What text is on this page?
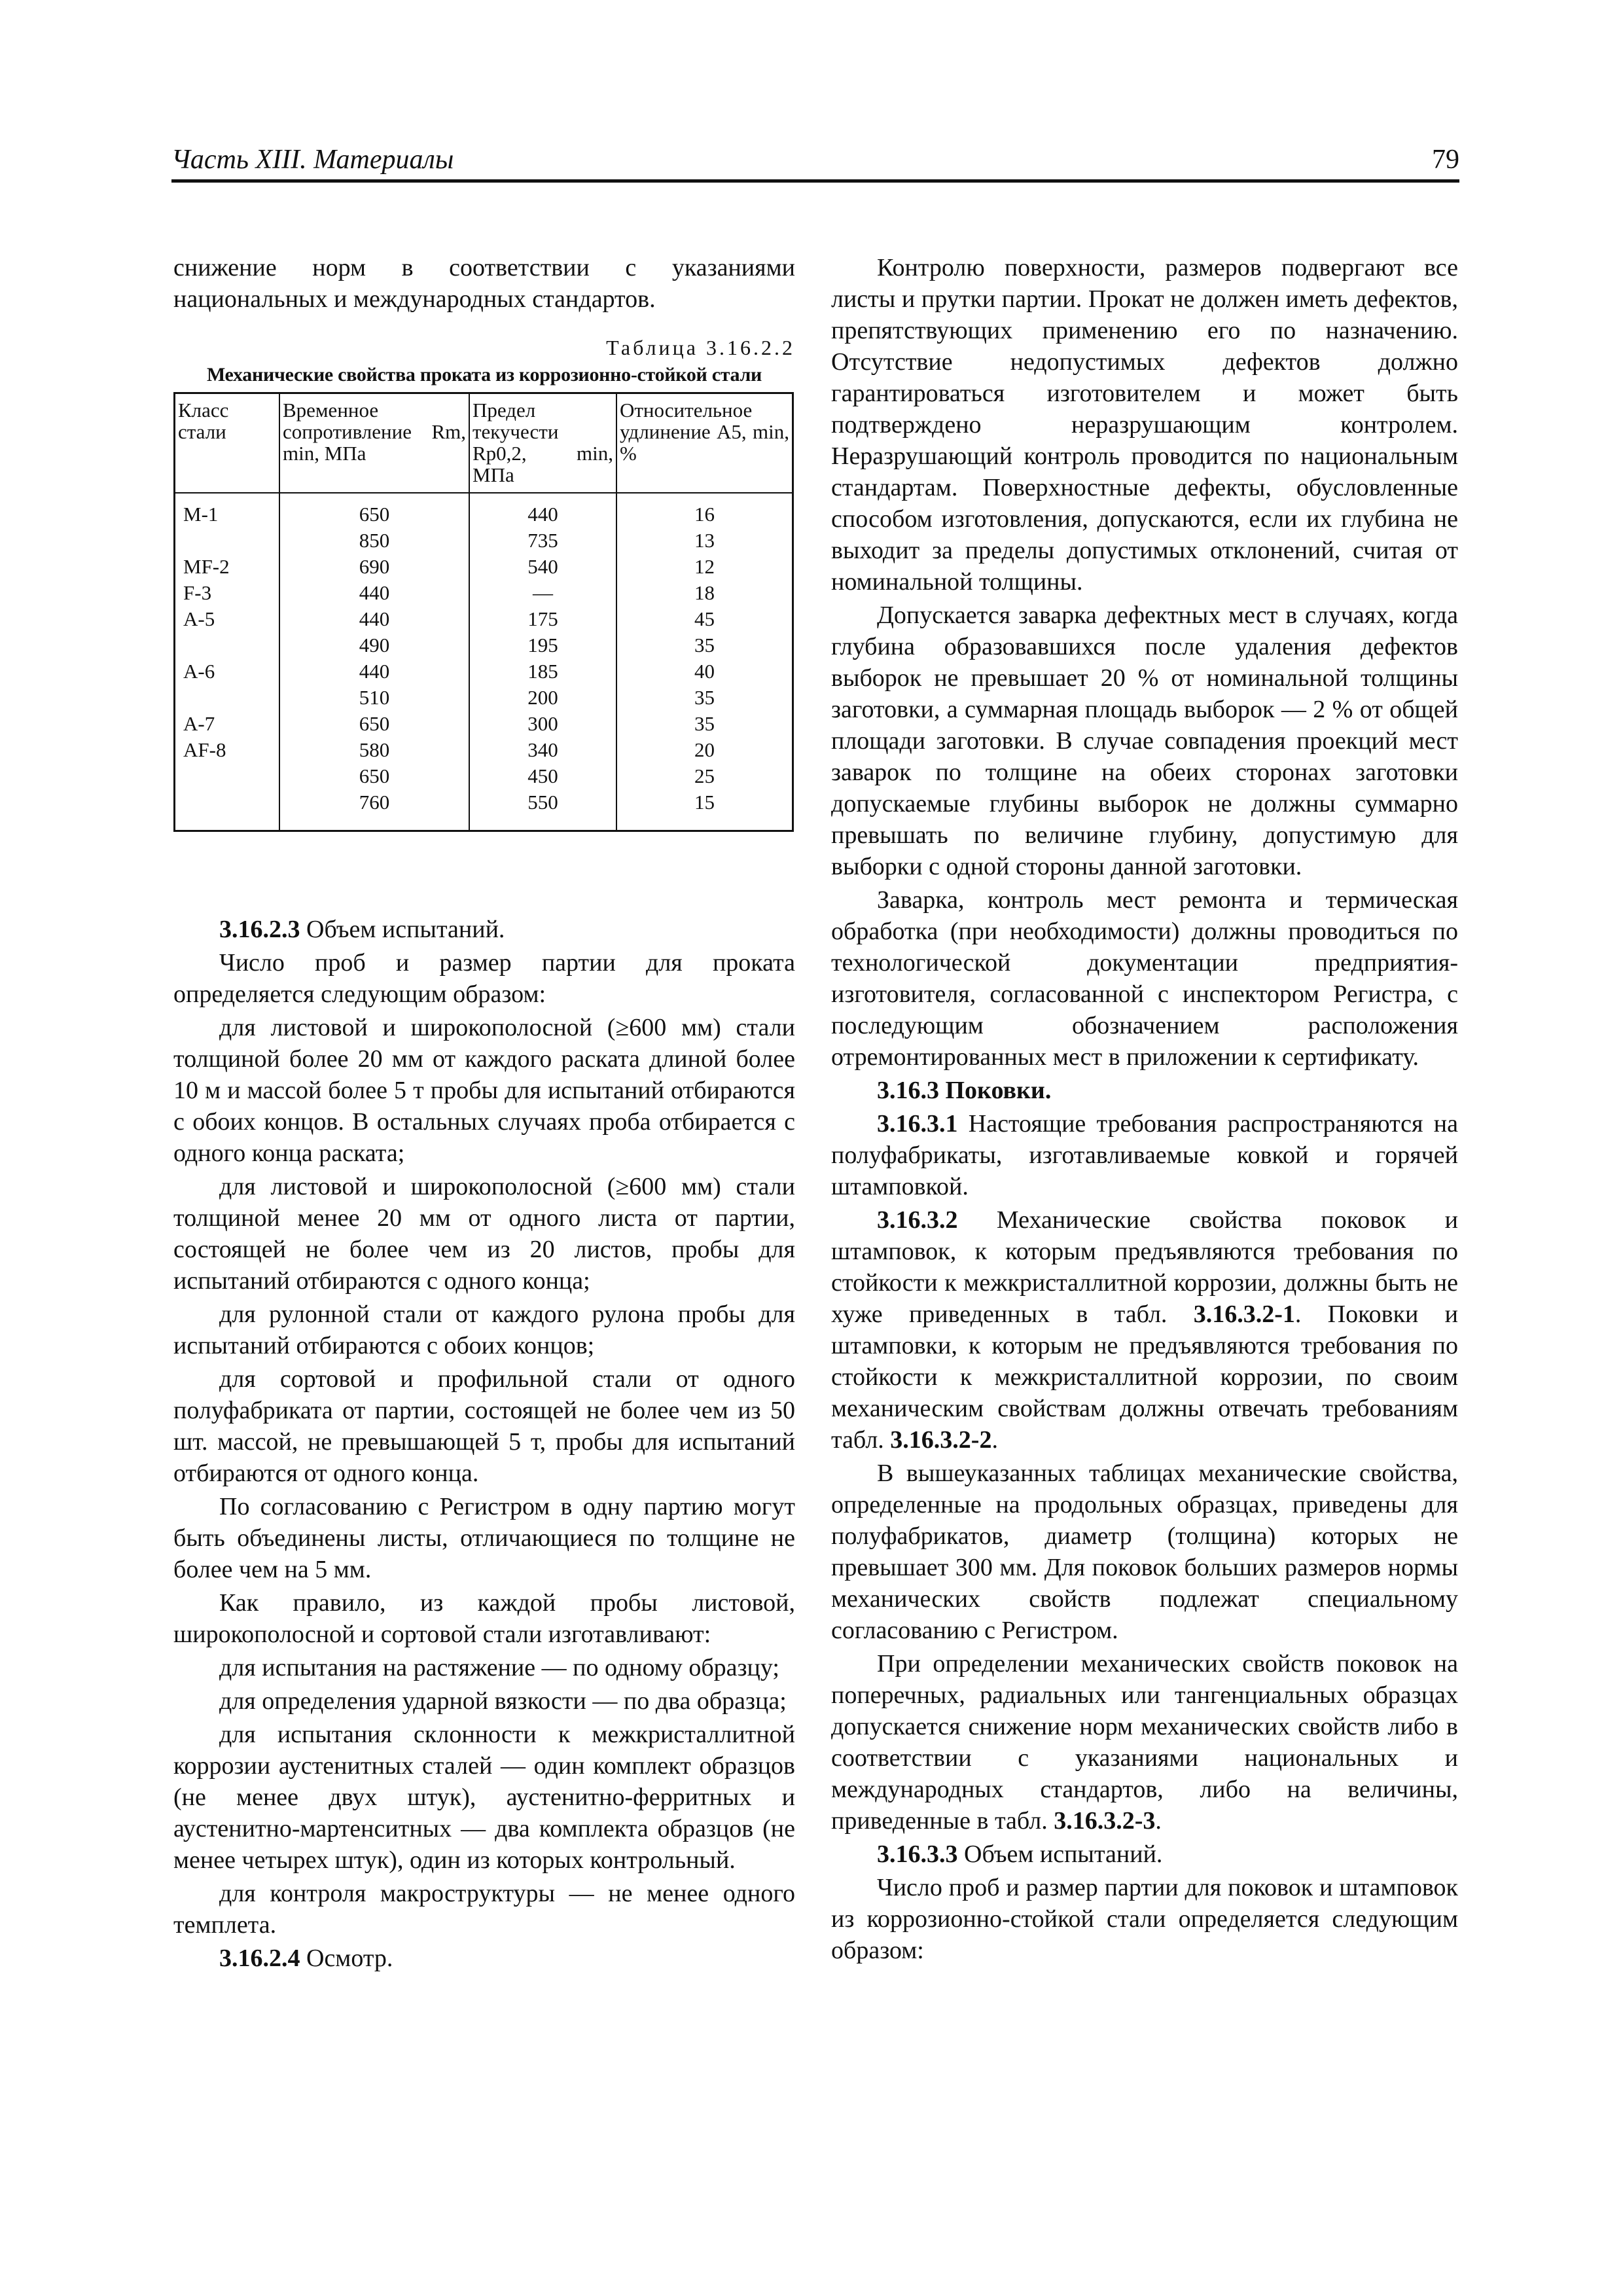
Часть XIII. Материалы	79

снижение норм в соответствии с указаниями национальных и международных стандартов.

Таблица 3.16.2.2
Механические свойства проката из коррозионно-стойкой стали
Класс стали	Временное сопротивление Rm, min, МПа	Предел текучести Rp0,2, min, МПа	Относительное удлинение A5, min, %
M-1	650	440	16
	850	735	13
MF-2	690	540	12
F-3	440	—	18
A-5	440	175	45
	490	195	35
A-6	440	185	40
	510	200	35
A-7	650	300	35
AF-8	580	340	20
	650	450	25
	760	550	15

3.16.2.3 Объем испытаний.

Число проб и размер партии для проката определяется следующим образом:

для листовой и широкополосной (≥600 мм) стали толщиной более 20 мм от каждого раската длиной более 10 м и массой более 5 т пробы для испытаний отбираются с обоих концов. В остальных случаях проба отбирается с одного конца раската;

для листовой и широкополосной (≥600 мм) стали толщиной менее 20 мм от одного листа от партии, состоящей не более чем из 20 листов, пробы для испытаний отбираются с одного конца;

для рулонной стали от каждого рулона пробы для испытаний отбираются с обоих концов;

для сортовой и профильной стали от одного полуфабриката от партии, состоящей не более чем из 50 шт. массой, не превышающей 5 т, пробы для испытаний отбираются от одного конца.

По согласованию с Регистром в одну партию могут быть объединены листы, отличающиеся по толщине не более чем на 5 мм.

Как правило, из каждой пробы листовой, широкополосной и сортовой стали изготавливают:

для испытания на растяжение — по одному образцу;

для определения ударной вязкости — по два образца;

для испытания склонности к межкристаллитной коррозии аустенитных сталей — один комплект образцов (не менее двух штук), аустенитно-ферритных и аустенитно-мартенситных — два комплекта образцов (не менее четырех штук), один из которых контрольный.

для контроля макроструктуры — не менее одного темплета.

3.16.2.4 Осмотр.

Контролю поверхности, размеров подвергают все листы и прутки партии. Прокат не должен иметь дефектов, препятствующих применению его по назначению. Отсутствие недопустимых дефектов должно гарантироваться изготовителем и может быть подтверждено неразрушающим контролем. Неразрушающий контроль проводится по национальным стандартам. Поверхностные дефекты, обусловленные способом изготовления, допускаются, если их глубина не выходит за пределы допустимых отклонений, считая от номинальной толщины.

Допускается заварка дефектных мест в случаях, когда глубина образовавшихся после удаления дефектов выборок не превышает 20 % от номинальной толщины заготовки, а суммарная площадь выборок — 2 % от общей площади заготовки. В случае совпадения проекций мест заварок по толщине на обеих сторонах заготовки допускаемые глубины выборок не должны суммарно превышать по величине глубину, допустимую для выборки с одной стороны данной заготовки.

Заварка, контроль мест ремонта и термическая обработка (при необходимости) должны проводиться по технологической документации предприятия-изготовителя, согласованной с инспектором Регистра, с последующим обозначением расположения отремонтированных мест в приложении к сертификату.

3.16.3 Поковки.

3.16.3.1 Настоящие требования распространяются на полуфабрикаты, изготавливаемые ковкой и горячей штамповкой.

3.16.3.2 Механические свойства поковок и штамповок, к которым предъявляются требования по стойкости к межкристаллитной коррозии, должны быть не хуже приведенных в табл. 3.16.3.2-1. Поковки и штамповки, к которым не предъявляются требования по стойкости к межкристаллитной коррозии, по своим механическим свойствам должны отвечать требованиям табл. 3.16.3.2-2.

В вышеуказанных таблицах механические свойства, определенные на продольных образцах, приведены для полуфабрикатов, диаметр (толщина) которых не превышает 300 мм. Для поковок больших размеров нормы механических свойств подлежат специальному согласованию с Регистром.

При определении механических свойств поковок на поперечных, радиальных или тангенциальных образцах допускается снижение норм механических свойств либо в соответствии с указаниями национальных и международных стандартов, либо на величины, приведенные в табл. 3.16.3.2-3.

3.16.3.3 Объем испытаний.

Число проб и размер партии для поковок и штамповок из коррозионно-стойкой стали определяется следующим образом:
